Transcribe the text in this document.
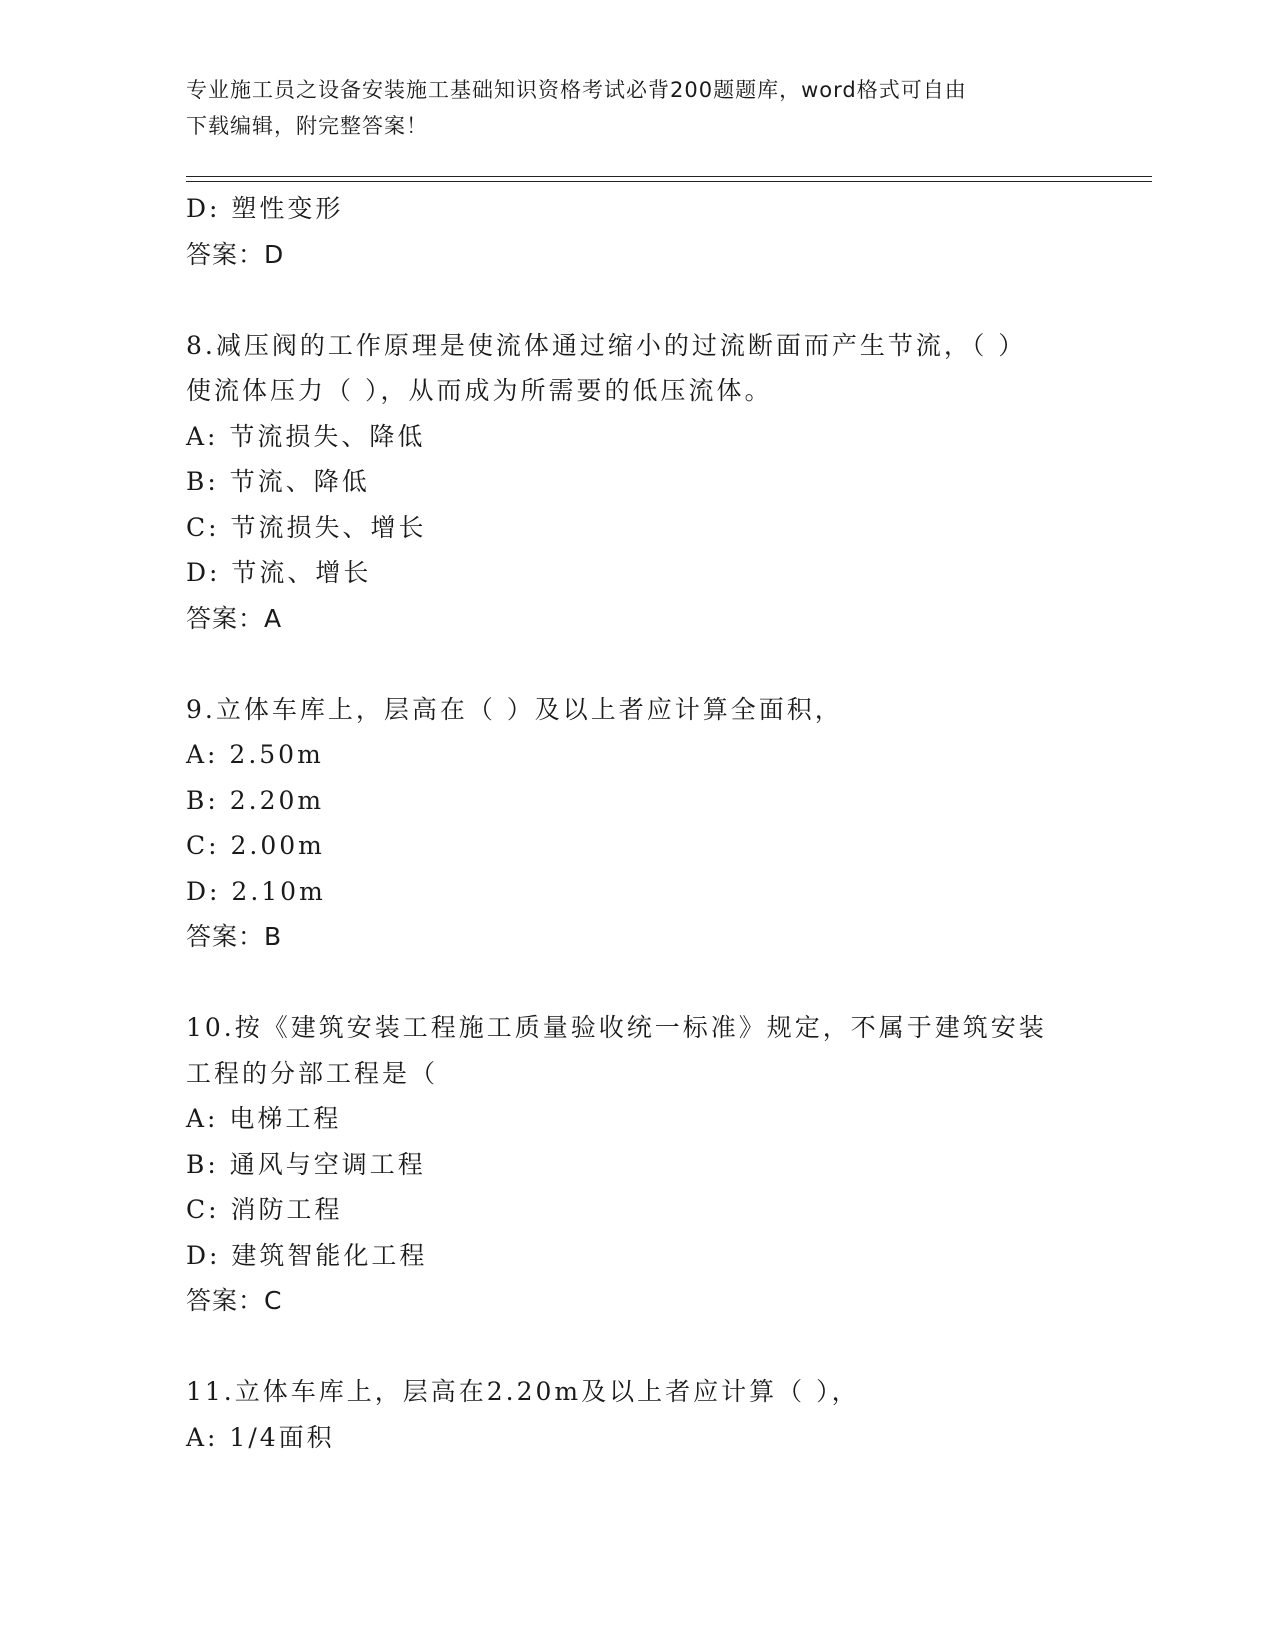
专业施工员之设备安装施工基础知识资格考试必背200题题库，word格式可自由
下载编辑，附完整答案！
D: 塑性变形
答案：D
8.减压阀的工作原理是使流体通过缩小的过流断面而产生节流，（ ）
使流体压力（ ），从而成为所需要的低压流体。
A: 节流损失、降低
B: 节流、降低
C: 节流损失、增长
D: 节流、增长
答案：A
9.立体车库上，层高在（ ）及以上者应计算全面积，
A: 2.50m
B: 2.20m
C: 2.00m
D: 2.10m
答案：B
10.按《建筑安装工程施工质量验收统一标准》规定，不属于建筑安装
工程的分部工程是（
A: 电梯工程
B: 通风与空调工程
C: 消防工程
D: 建筑智能化工程
答案：C
11.立体车库上，层高在2.20m及以上者应计算（ ），
A: 1/4面积
